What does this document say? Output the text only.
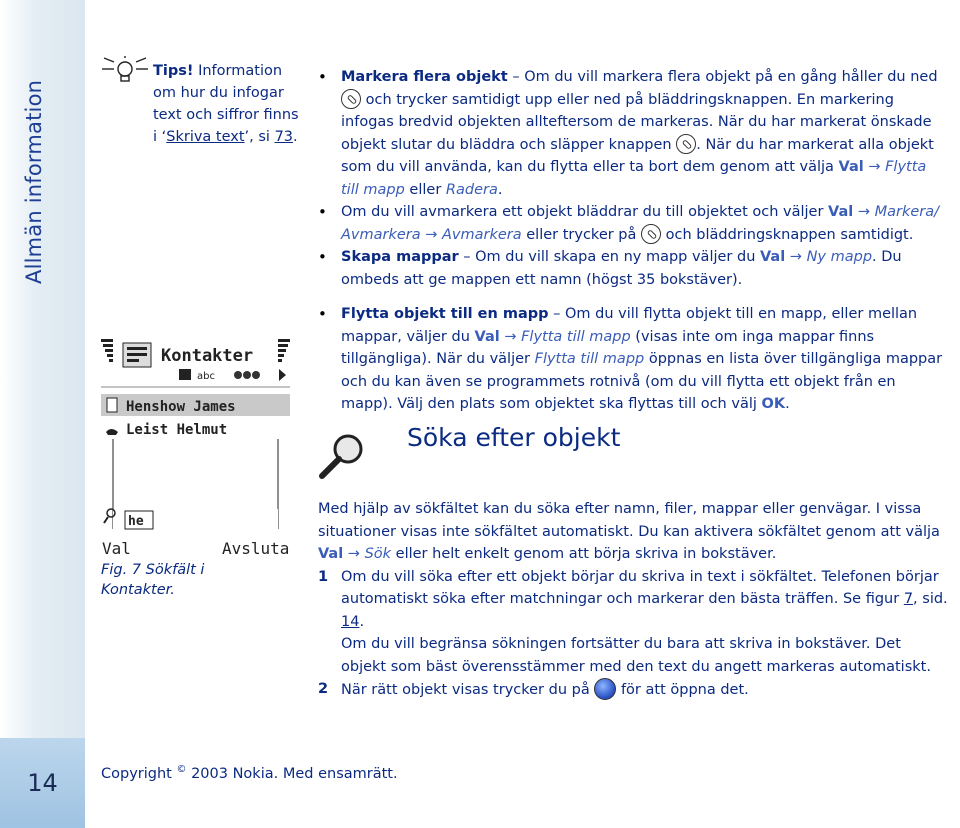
Allmän information
14
Tips! Information om hur du infogar text och siffror finns i ‘Skriva text’, si 73.
Kontakter
abc
Henshow James
Leist Helmut
he
Val	Avsluta
Fig. 7 Sökfält i Kontakter.
• Markera flera objekt – Om du vill markera flera objekt på en gång håller du ned  och trycker samtidigt upp eller ned på bläddringsknappen. En markering infogas bredvid objekten allteftersom de markeras. När du har markerat önskade objekt slutar du bläddra och släpper knappen . När du har markerat alla objekt som du vill använda, kan du flytta eller ta bort dem genom att välja Val → Flytta till mapp eller Radera.
• Om du vill avmarkera ett objekt bläddrar du till objektet och väljer Val → Markera/ Avmarkera → Avmarkera eller trycker på  och bläddringsknappen samtidigt.
• Skapa mappar – Om du vill skapa en ny mapp väljer du Val → Ny mapp. Du ombeds att ge mappen ett namn (högst 35 bokstäver).
• Flytta objekt till en mapp – Om du vill flytta objekt till en mapp, eller mellan mappar, väljer du Val → Flytta till mapp (visas inte om inga mappar finns tillgängliga). När du väljer Flytta till mapp öppnas en lista över tillgängliga mappar och du kan även se programmets rotnivå (om du vill flytta ett objekt från en mapp). Välj den plats som objektet ska flyttas till och välj OK.
Söka efter objekt
Med hjälp av sökfältet kan du söka efter namn, filer, mappar eller genvägar. I vissa situationer visas inte sökfältet automatiskt. Du kan aktivera sökfältet genom att välja Val → Sök eller helt enkelt genom att börja skriva in bokstäver.
1 Om du vill söka efter ett objekt börjar du skriva in text i sökfältet. Telefonen börjar automatiskt söka efter matchningar och markerar den bästa träffen. Se figur 7, sid. 14.
Om du vill begränsa sökningen fortsätter du bara att skriva in bokstäver. Det objekt som bäst överensstämmer med den text du angett markeras automatiskt.
2 När rätt objekt visas trycker du på  för att öppna det.
Copyright © 2003 Nokia. Med ensamrätt.
